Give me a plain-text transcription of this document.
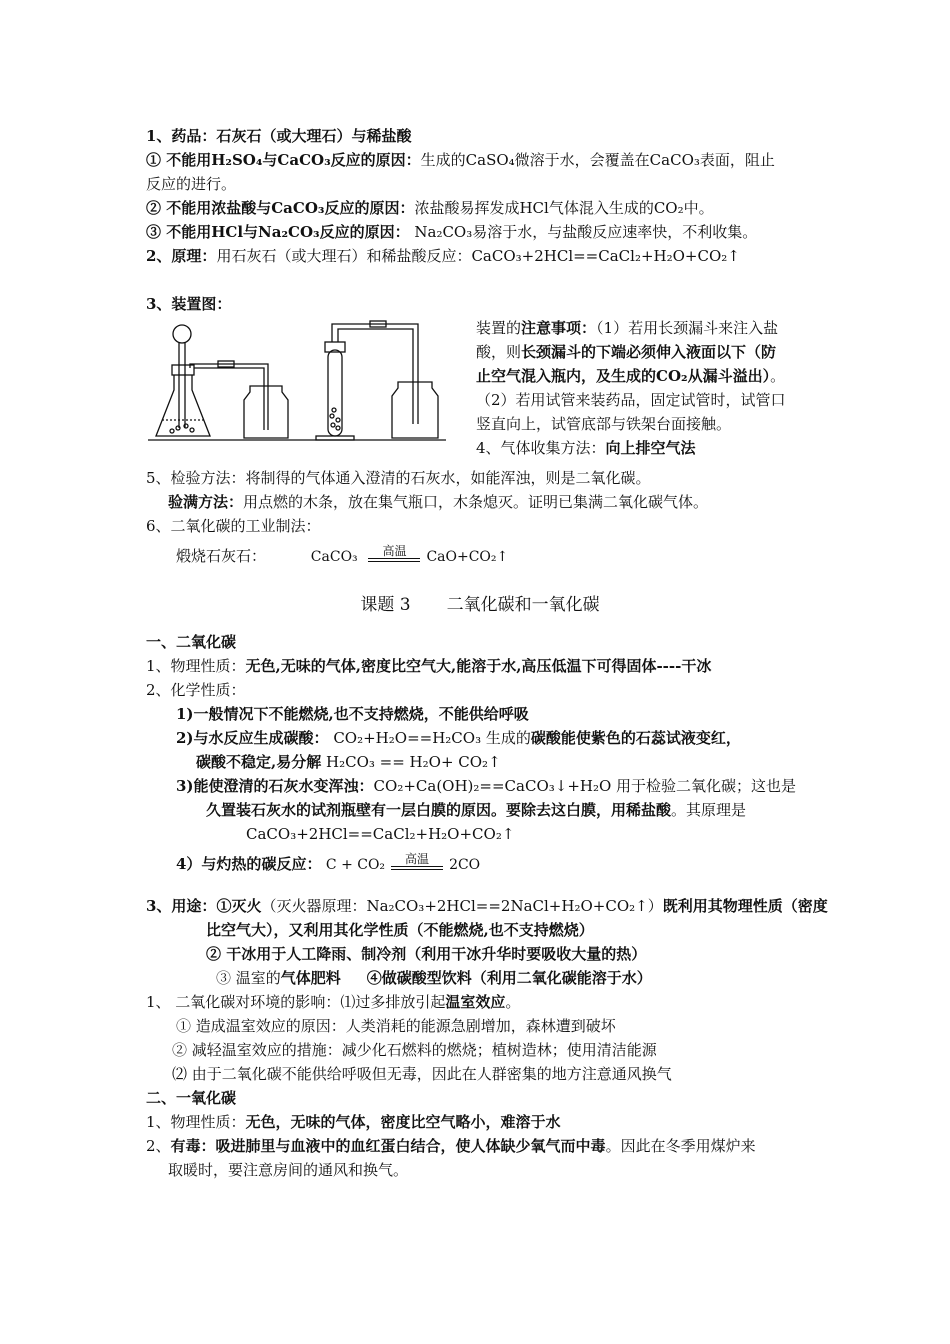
1、药品：石灰石（或大理石）与稀盐酸
① 不能用H₂SO₄与CaCO₃反应的原因：生成的CaSO₄微溶于水，会覆盖在CaCO₃表面，阻止
反应的进行。
② 不能用浓盐酸与CaCO₃反应的原因：浓盐酸易挥发成HCl气体混入生成的CO₂中。
③ 不能用HCl与Na₂CO₃反应的原因： Na₂CO₃易溶于水，与盐酸反应速率快，不利收集。
2、原理：用石灰石（或大理石）和稀盐酸反应：CaCO₃+2HCl==CaCl₂+H₂O+CO₂↑
3、装置图：
装置的注意事项：（1）若用长颈漏斗来注入盐
酸，则长颈漏斗的下端必须伸入液面以下（防
止空气混入瓶内，及生成的CO₂从漏斗溢出）。
（2）若用试管来装药品，固定试管时，试管口
竖直向上，试管底部与铁架台面接触。
4、气体收集方法：向上排空气法
5、检验方法：将制得的气体通入澄清的石灰水，如能浑浊，则是二氧化碳。
验满方法：用点燃的木条，放在集气瓶口，木条熄灭。证明已集满二氧化碳气体。
6、二氧化碳的工业制法：
煅烧石灰石：	CaCO₃ 高温 CaO+CO₂↑
课题 3 二氧化碳和一氧化碳
一、二氧化碳
1、物理性质：无色,无味的气体,密度比空气大,能溶于水,高压低温下可得固体----干冰
2、化学性质：
1)一般情况下不能燃烧,也不支持燃烧，不能供给呼吸
2)与水反应生成碳酸： CO₂+H₂O==H₂CO₃ 生成的碳酸能使紫色的石蕊试液变红，
碳酸不稳定,易分解 H₂CO₃ == H₂O+ CO₂↑
3)能使澄清的石灰水变浑浊：CO₂+Ca(OH)₂==CaCO₃↓+H₂O 用于检验二氧化碳；这也是
久置装石灰水的试剂瓶壁有一层白膜的原因。要除去这白膜，用稀盐酸。其原理是
CaCO₃+2HCl==CaCl₂+H₂O+CO₂↑
4）与灼热的碳反应： C + CO₂ 高温 2CO
3、用途：①灭火（灭火器原理：Na₂CO₃+2HCl==2NaCl+H₂O+CO₂↑）既利用其物理性质（密度
比空气大），又利用其化学性质（不能燃烧,也不支持燃烧）
② 干冰用于人工降雨、制冷剂（利用干冰升华时要吸收大量的热）
③ 温室的气体肥料 ④做碳酸型饮料（利用二氧化碳能溶于水）
1、 二氧化碳对环境的影响：⑴过多排放引起温室效应。
① 造成温室效应的原因：人类消耗的能源急剧增加，森林遭到破坏
② 减轻温室效应的措施：减少化石燃料的燃烧；植树造林；使用清洁能源
⑵ 由于二氧化碳不能供给呼吸但无毒，因此在人群密集的地方注意通风换气
二、一氧化碳
1、物理性质：无色，无味的气体，密度比空气略小，难溶于水
2、有毒：吸进肺里与血液中的血红蛋白结合，使人体缺少氧气而中毒。因此在冬季用煤炉来
取暖时，要注意房间的通风和换气。
